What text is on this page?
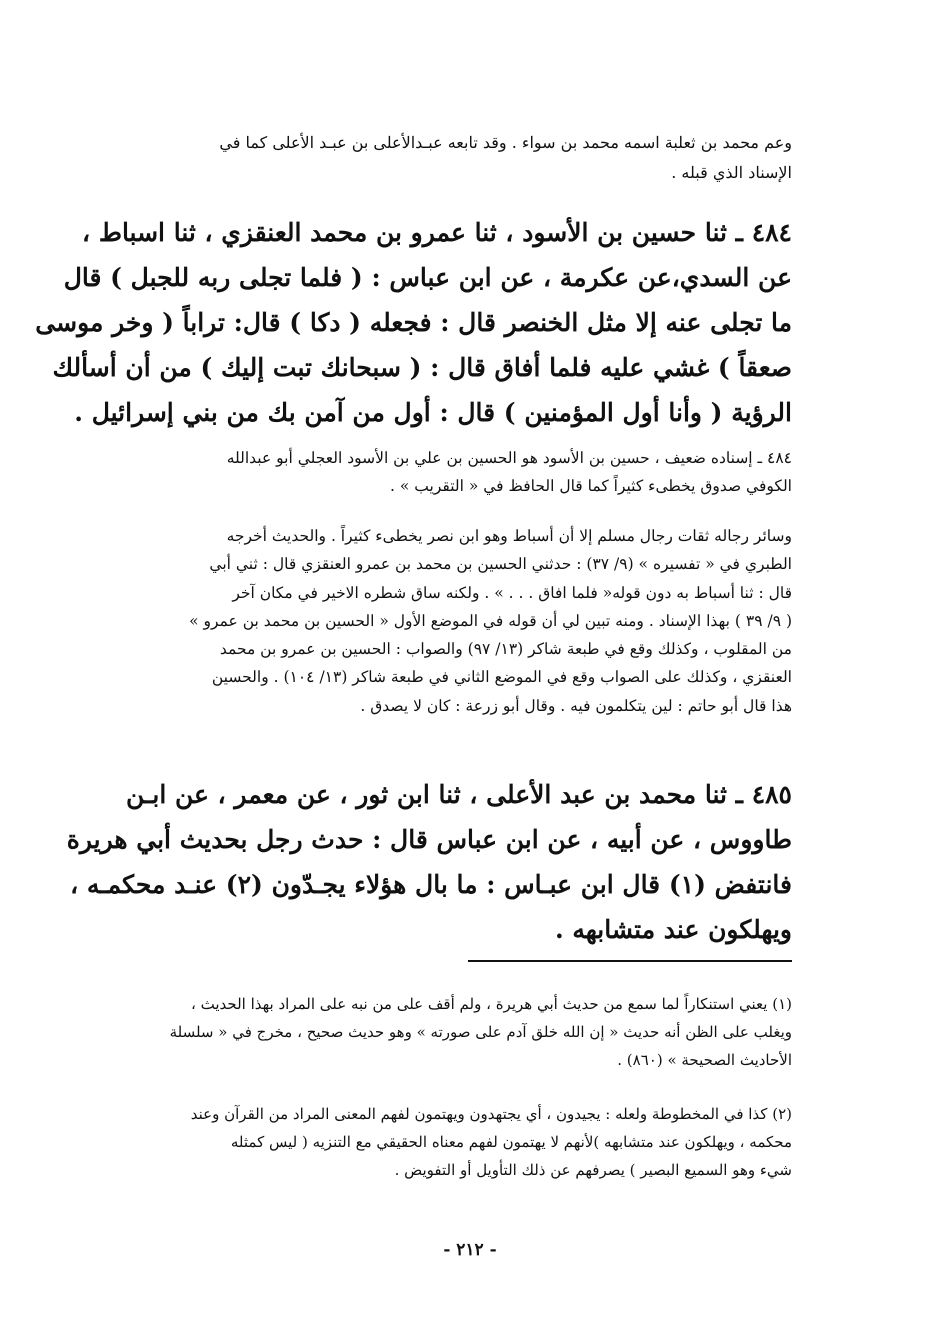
وعم محمد بن ثعلبة اسمه محمد بن سواء . وقد تابعه عبـدالأعلى بن عبـد الأعلى كما في
الإسناد الذي قبله .
٤٨٤ ـ ثنا حسين بن الأسود ، ثنا عمرو بن محمد العنقزي ، ثنا اسباط ،
عن السدي،عن عكرمة ، عن ابن عباس : ( فلما تجلى ربه للجبل ) قال
ما تجلى عنه إلا مثل الخنصر قال : فجعله ( دكا ) قال: تراباً ( وخر موسى
صعقاً ) غشي عليه فلما أفاق قال : ( سبحانك تبت إليك ) من أن أسألك
الرؤية ( وأنا أول المؤمنين ) قال : أول من آمن بك من بني إسرائيل .
٤٨٤ ـ إسناده ضعيف ، حسين بن الأسود هو الحسين بن علي بن الأسود العجلي أبو عبدالله
الكوفي صدوق يخطىء كثيراً كما قال الحافظ في « التقريب » .
وسائر رجاله ثقات رجال مسلم إلا أن أسباط وهو ابن نصر يخطىء كثيراً . والحديث أخرجه
الطبري في « تفسيره » (٩/ ٣٧) : حدثني الحسين بن محمد بن عمرو العنقزي قال : ثني أبي
قال : ثنا أسباط به دون قوله« فلما افاق . . . » . ولكنه ساق شطره الاخير في مكان آخر
( ٩/ ٣٩ ) بهذا الإسناد . ومنه تبين لي أن قوله في الموضع الأول « الحسين بن محمد بن عمرو »
من المقلوب ، وكذلك وقع في طبعة شاكر (١٣/ ٩٧) والصواب : الحسين بن عمرو بن محمد
العنقزي ، وكذلك على الصواب وقع في الموضع الثاني في طبعة شاكر (١٣/ ١٠٤) . والحسين
هذا قال أبو حاتم : لين يتكلمون فيه . وقال أبو زرعة : كان لا يصدق .
٤٨٥ ـ ثنا محمد بن عبد الأعلى ، ثنا ابن ثور ، عن معمر ، عن ابـن
طاووس ، عن أبيه ، عن ابن عباس قال : حدث رجل بحديث أبي هريرة
فانتفض (١) قال ابن عبـاس : ما بال هؤلاء يجـدّون (٢) عنـد محكمـه ،
ويهلكون عند متشابهه .
(١) يعني استنكاراً لما سمع من حديث أبي هريرة ، ولم أقف على من نبه على المراد بهذا الحديث ،
ويغلب على الظن أنه حديث « إن الله خلق آدم على صورته » وهو حديث صحيح ، مخرج في « سلسلة
الأحاديث الصحيحة » (٨٦٠) .
(٢) كذا في المخطوطة ولعله : يجيدون ، أي يجتهدون ويهتمون لفهم المعنى المراد من القرآن وعند
محكمه ، ويهلكون عند متشابهه )لأنهم لا يهتمون لفهم معناه الحقيقي مع التنزيه ( ليس كمثله
شيء وهو السميع البصير ) يصرفهم عن ذلك التأويل أو التفويض .
- ٢١٢ -
